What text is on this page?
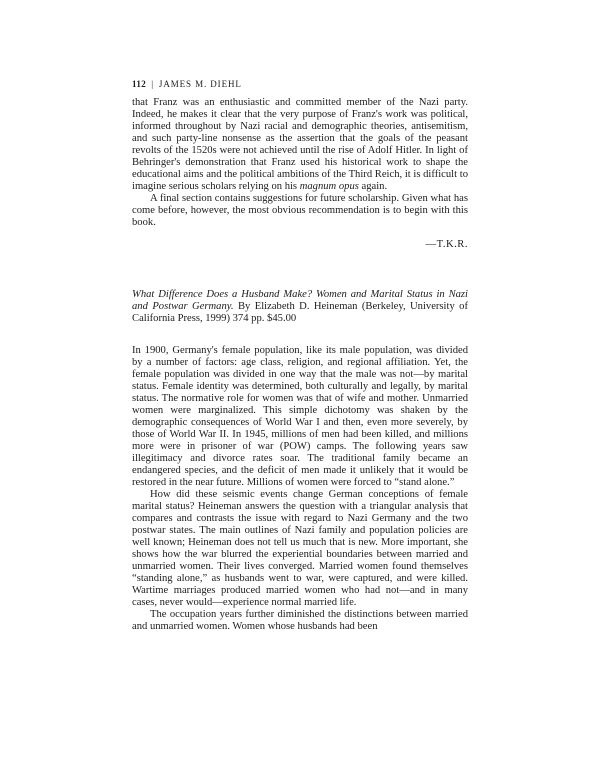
112 | JAMES M. DIEHL

that Franz was an enthusiastic and committed member of the Nazi party. Indeed, he makes it clear that the very purpose of Franz's work was political, informed throughout by Nazi racial and demographic theories, antisemitism, and such party-line nonsense as the assertion that the goals of the peasant revolts of the 1520s were not achieved until the rise of Adolf Hitler. In light of Behringer's demonstration that Franz used his historical work to shape the educational aims and the political ambitions of the Third Reich, it is difficult to imagine serious scholars relying on his magnum opus again.

A final section contains suggestions for future scholarship. Given what has come before, however, the most obvious recommendation is to begin with this book.

—T.K.R.

What Difference Does a Husband Make? Women and Marital Status in Nazi and Postwar Germany. By Elizabeth D. Heineman (Berkeley, University of California Press, 1999) 374 pp. $45.00

In 1900, Germany's female population, like its male population, was divided by a number of factors: age class, religion, and regional affiliation. Yet, the female population was divided in one way that the male was not—by marital status. Female identity was determined, both culturally and legally, by marital status. The normative role for women was that of wife and mother. Unmarried women were marginalized. This simple dichotomy was shaken by the demographic consequences of World War I and then, even more severely, by those of World War II. In 1945, millions of men had been killed, and millions more were in prisoner of war (POW) camps. The following years saw illegitimacy and divorce rates soar. The traditional family became an endangered species, and the deficit of men made it unlikely that it would be restored in the near future. Millions of women were forced to “stand alone.”

How did these seismic events change German conceptions of female marital status? Heineman answers the question with a triangular analysis that compares and contrasts the issue with regard to Nazi Germany and the two postwar states. The main outlines of Nazi family and population policies are well known; Heineman does not tell us much that is new. More important, she shows how the war blurred the experiential boundaries between married and unmarried women. Their lives converged. Married women found themselves “standing alone,” as husbands went to war, were captured, and were killed. Wartime marriages produced married women who had not—and in many cases, never would—experience normal married life.

The occupation years further diminished the distinctions between married and unmarried women. Women whose husbands had been
